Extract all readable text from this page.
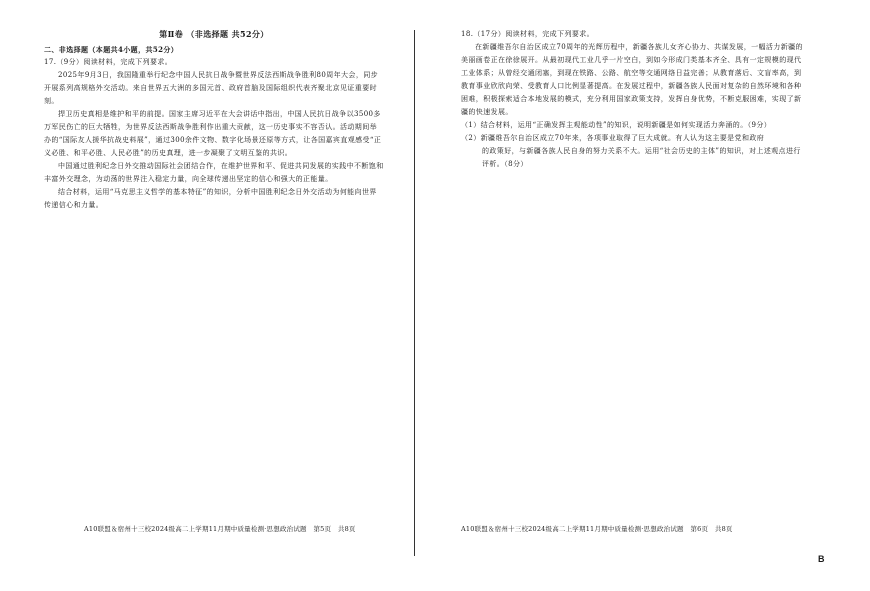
第Ⅱ卷 （非选择题 共52分）
二、非选择题（本题共4小题，共52分）
17.（9分）阅读材料，完成下列要求。
2025年9月3日，我国隆重举行纪念中国人民抗日战争暨世界反法西斯战争胜利80周年大会，同步开展系列高规格外交活动。来自世界五大洲的多国元首、政府首脑及国际组织代表齐聚北京见证重要时刻。
捍卫历史真相是维护和平的前提。国家主席习近平在大会讲话中指出，中国人民抗日战争以3500多万军民伤亡的巨大牺牲，为世界反法西斯战争胜利作出重大贡献，这一历史事实不容否认。活动期间举办的“国际友人援华抗战史料展”，通过300余件文物、数字化场景还原等方式，让各国嘉宾直观感受“正义必胜、和平必胜、人民必胜”的历史真理，进一步凝聚了文明互鉴的共识。
中国通过胜利纪念日外交推动国际社会团结合作，在维护世界和平、促进共同发展的实践中不断饱和丰富外交理念，为动荡的世界注入稳定力量，向全球传递出坚定的信心和强大的正能量。
结合材料，运用“马克思主义哲学的基本特征”的知识，分析中国胜利纪念日外交活动为何能向世界传递信心和力量。
A10联盟＆宿州十三校2024级高二上学期11月期中质量检测·思想政治试题　第5页　共8页
18.（17分）阅读材料，完成下列要求。
在新疆维吾尔自治区成立70周年的光辉历程中，新疆各族儿女齐心协力、共谋发展，一幅活力新疆的美丽画卷正在徐徐展开。从最初现代工业几乎一片空白，到如今形成门类基本齐全、具有一定规模的现代工业体系；从曾经交通闭塞，到现在铁路、公路、航空等交通网络日益完善；从教育落后、文盲率高，到教育事业欣欣向荣、受教育人口比例显著提高。在发展过程中，新疆各族人民面对复杂的自然环境和各种困难，积极探索适合本地发展的模式，充分利用国家政策支持，发挥自身优势，不断克服困难，实现了新疆的快速发展。
（1）结合材料，运用“正确发挥主观能动性”的知识，说明新疆是如何实现活力奔涌的。（9分）
（2）新疆维吾尔自治区成立70年来，各项事业取得了巨大成就。有人认为这主要是党和政府
的政策好，与新疆各族人民自身的努力关系不大。运用“社会历史的主体”的知识，对上述观点进行评析。（8分）
A10联盟＆宿州十三校2024级高二上学期11月期中质量检测·思想政治试题　第6页　共8页
B
